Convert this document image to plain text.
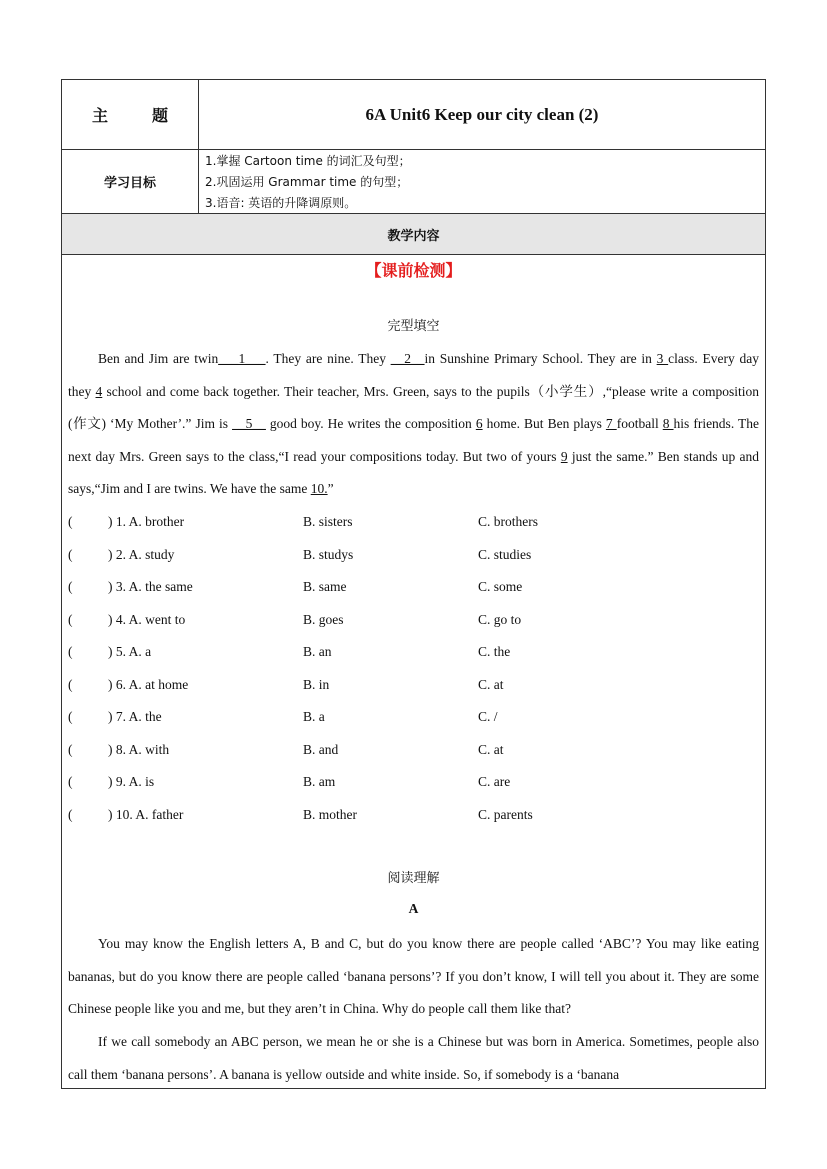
主题	6A Unit6 Keep our city clean (2)
学习目标
1.掌握 Cartoon time 的词汇及句型；
2.巩固运用 Grammar time 的句型；
3.语音: 英语的升降调原则。
教学内容
【课前检测】
完型填空
Ben and Jim are twin___1___. They are nine. They __2__in Sunshine Primary School. They are in 3 class. Every day they 4 school and come back together. Their teacher, Mrs. Green, says to the pupils（小学生）,“please write a composition (作文) ‘My Mother’.” Jim is __5__ good boy. He writes the composition 6 home. But Ben plays 7 football 8 his friends. The next day Mrs. Green says to the class,“I read your compositions today. But two of yours 9 just the same.” Ben stands up and says,“Jim and I are twins. We have the same 10.”
(	) 1. A. brother	B. sisters	C. brothers
(	) 2. A. study	B. studys	C. studies
(	) 3. A. the same	B. same	C. some
(	) 4. A. went to	B. goes	C. go to
(	) 5. A. a	B. an	C. the
(	) 6. A. at home	B. in	C. at
(	) 7. A. the	B. a	C. /
(	) 8. A. with	B. and	C. at
(	) 9. A. is	B. am	C. are
(	) 10. A. father	B. mother	C. parents
阅读理解
A
You may know the English letters A, B and C, but do you know there are people called ‘ABC’? You may like eating bananas, but do you know there are people called ‘banana persons’? If you don’t know, I will tell you about it. They are some Chinese people like you and me, but they aren’t in China. Why do people call them like that?
If we call somebody an ABC person, we mean he or she is a Chinese but was born in America. Sometimes, people also call them ‘banana persons’. A banana is yellow outside and white inside. So, if somebody is a ‘banana
